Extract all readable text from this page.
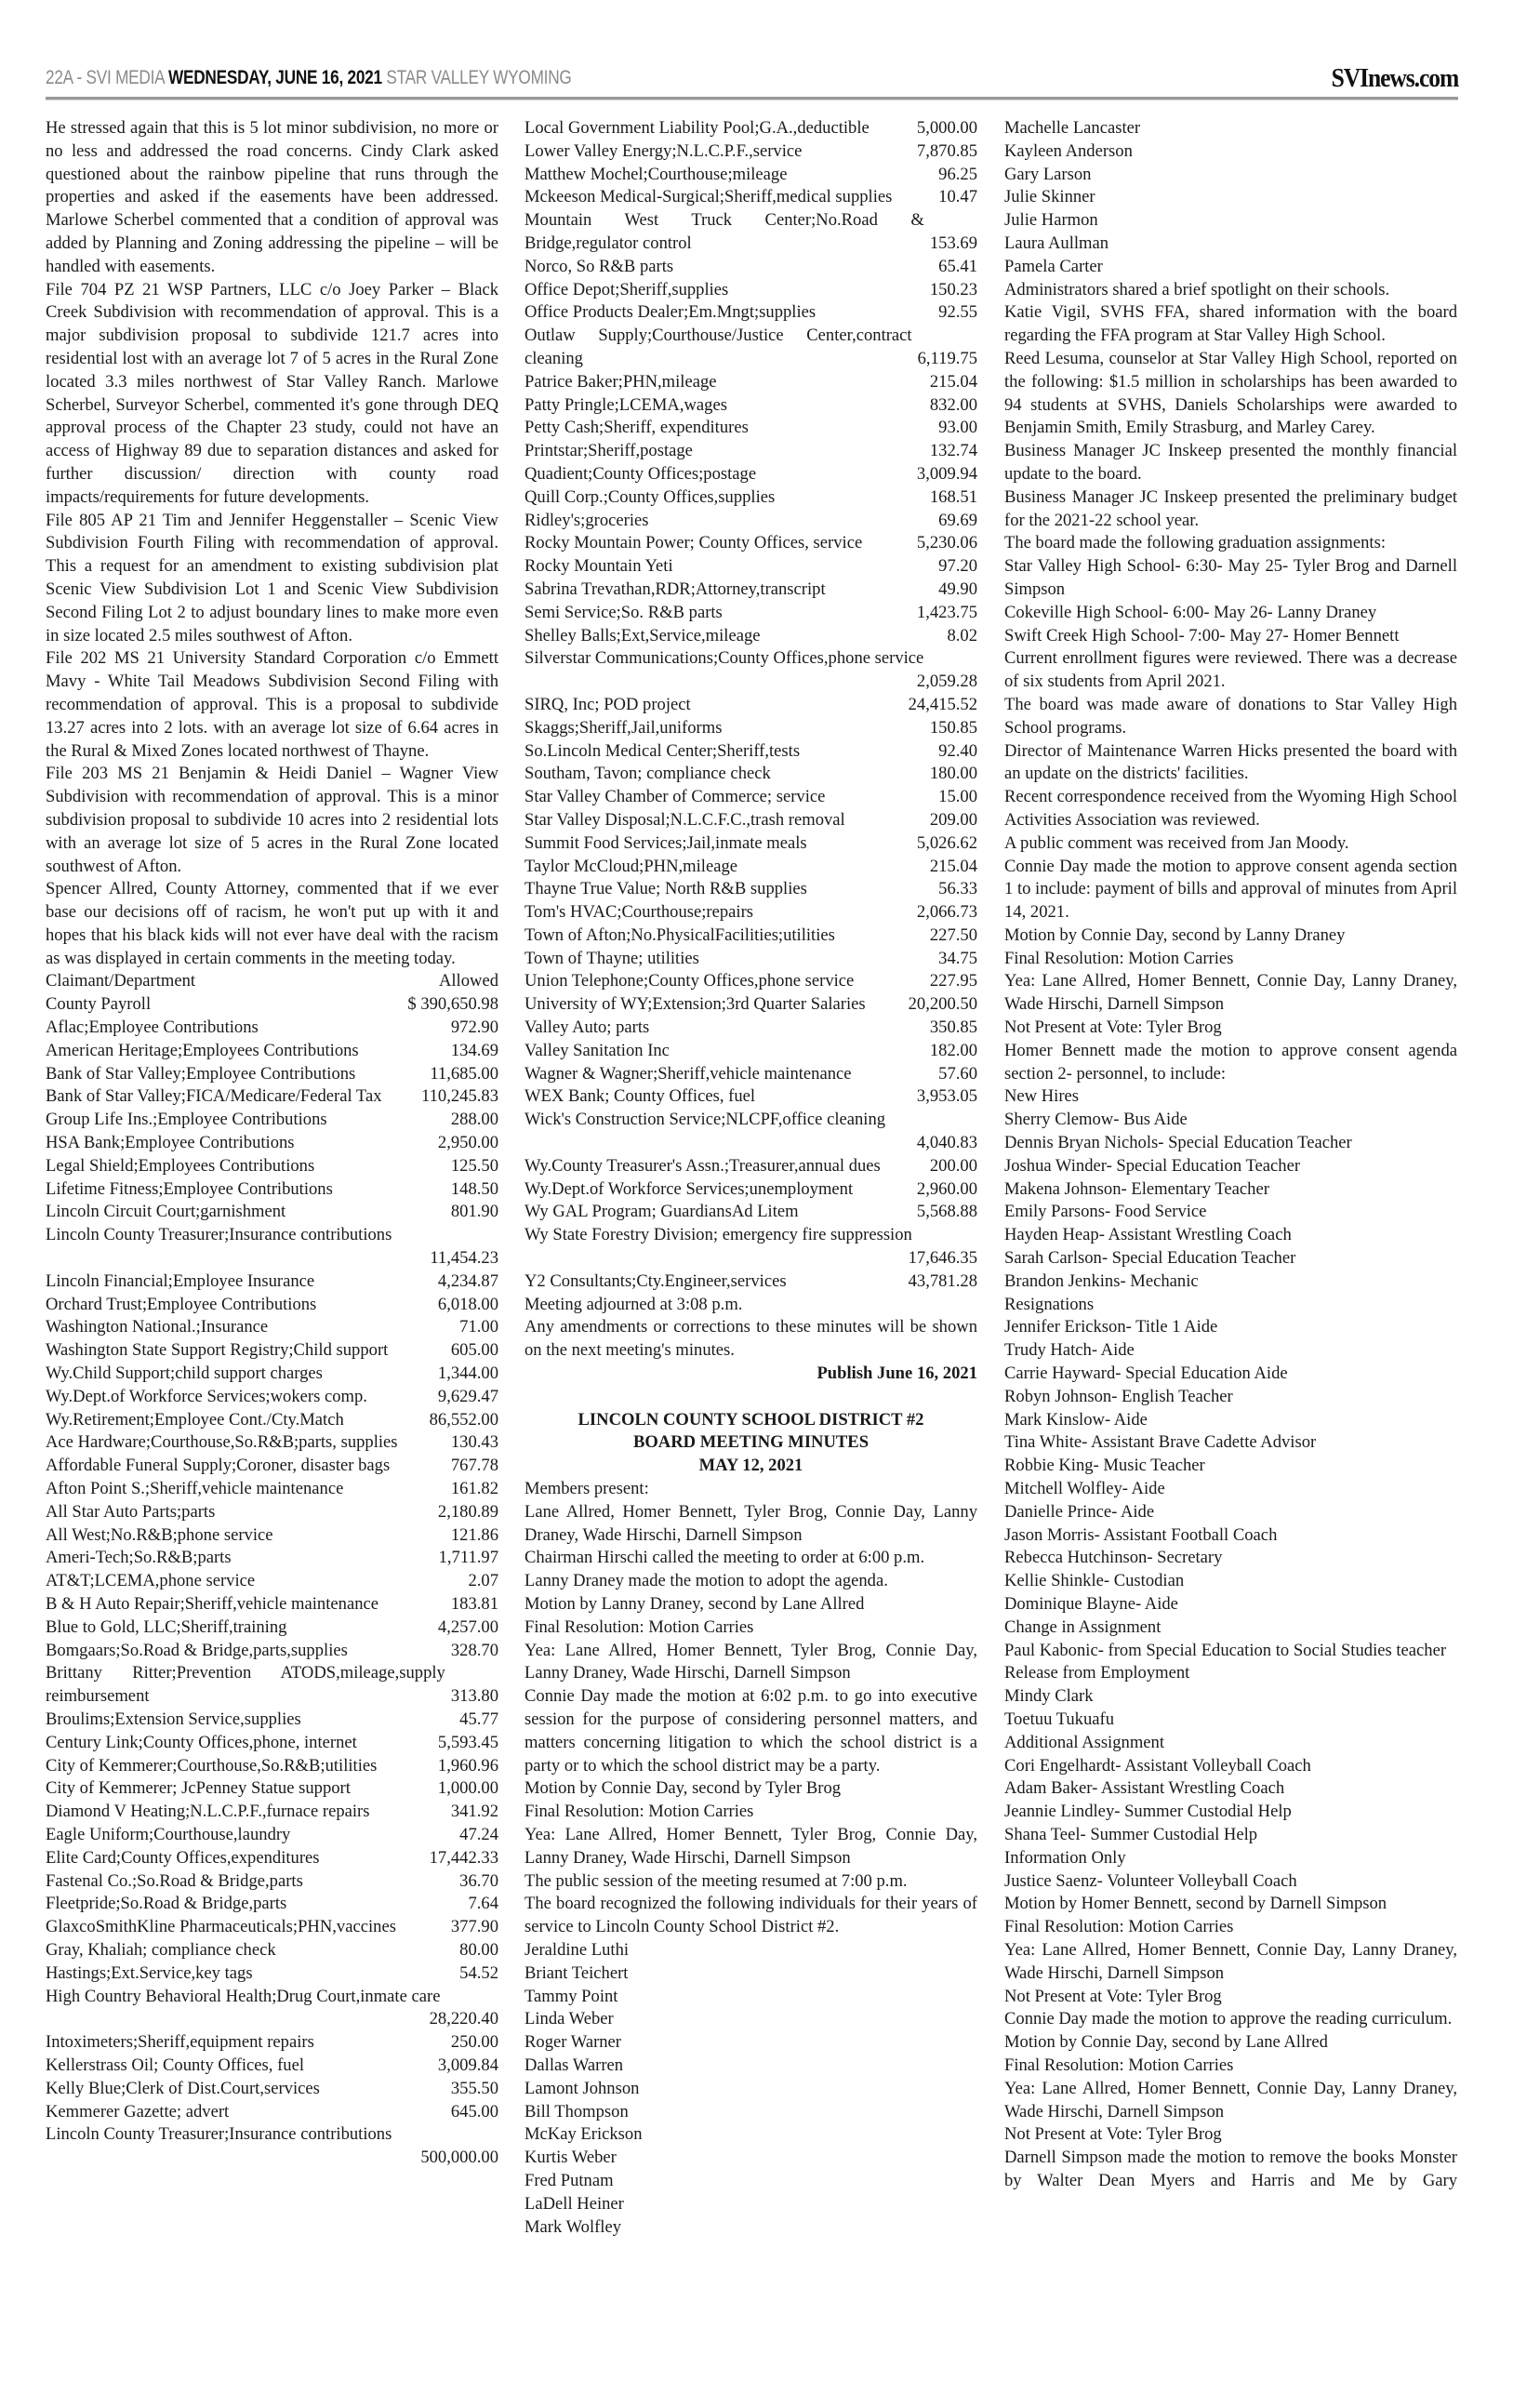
22A - SVI MEDIA WEDNESDAY, JUNE 16, 2021 STAR VALLEY WYOMING	SVInews.com
He stressed again that this is 5 lot minor subdivision, no more or no less and addressed the road concerns. Cindy Clark asked questioned about the rainbow pipeline that runs through the properties and asked if the easements have been addressed. Marlowe Scherbel commented that a condition of approval was added by Planning and Zoning addressing the pipeline – will be handled with easements.
File 704 PZ 21 WSP Partners, LLC c/o Joey Parker – Black Creek Subdivision with recommendation of approval. This is a major subdivision proposal to subdivide 121.7 acres into residential lost with an average lot 7 of 5 acres in the Rural Zone located 3.3 miles northwest of Star Valley Ranch. Marlowe Scherbel, Surveyor Scherbel, commented it's gone through DEQ approval process of the Chapter 23 study, could not have an access of Highway 89 due to separation distances and asked for further discussion/ direction with county road impacts/requirements for future developments.
File 805 AP 21 Tim and Jennifer Heggenstaller – Scenic View Subdivision Fourth Filing with recommendation of approval. This a request for an amendment to existing subdivision plat Scenic View Subdivision Lot 1 and Scenic View Subdivision Second Filing Lot 2 to adjust boundary lines to make more even in size located 2.5 miles southwest of Afton.
File 202 MS 21 University Standard Corporation c/o Emmett Mavy - White Tail Meadows Subdivision Second Filing with recommendation of approval. This is a proposal to subdivide 13.27 acres into 2 lots. with an average lot size of 6.64 acres in the Rural & Mixed Zones located northwest of Thayne.
File 203 MS 21 Benjamin & Heidi Daniel – Wagner View Subdivision with recommendation of approval. This is a minor subdivision proposal to subdivide 10 acres into 2 residential lots with an average lot size of 5 acres in the Rural Zone located southwest of Afton.
Spencer Allred, County Attorney, commented that if we ever base our decisions off of racism, he won't put up with it and hopes that his black kids will not ever have deal with the racism as was displayed in certain comments in the meeting today.
Claimant/Department	Allowed
County Payroll	$ 390,650.98
Aflac;Employee Contributions	972.90
American Heritage;Employees Contributions	134.69
Bank of Star Valley;Employee Contributions	11,685.00
Bank of Star Valley;FICA/Medicare/Federal Tax	110,245.83
Group Life Ins.;Employee Contributions	288.00
HSA Bank;Employee Contributions	2,950.00
Legal Shield;Employees Contributions	125.50
Lifetime Fitness;Employee Contributions	148.50
Lincoln Circuit Court;garnishment	801.90
Lincoln County Treasurer;Insurance contributions
11,454.23
Lincoln Financial;Employee Insurance	4,234.87
Orchard Trust;Employee Contributions	6,018.00
Washington National.;Insurance	71.00
Washington State Support Registry;Child support	605.00
Wy.Child Support;child support charges	1,344.00
Wy.Dept.of Workforce Services;wokers comp.	9,629.47
Wy.Retirement;Employee Cont./Cty.Match	86,552.00
Ace Hardware;Courthouse,So.R&B;parts, supplies	130.43
Affordable Funeral Supply;Coroner, disaster bags	767.78
Afton Point S.;Sheriff,vehicle maintenance	161.82
All Star Auto Parts;parts	2,180.89
All West;No.R&B;phone service	121.86
Ameri-Tech;So.R&B;parts	1,711.97
AT&T;LCEMA,phone service	2.07
B & H Auto Repair;Sheriff,vehicle maintenance	183.81
Blue to Gold, LLC;Sheriff,training	4,257.00
Bomgaars;So.Road & Bridge,parts,supplies	328.70
Brittany Ritter;Prevention ATODS,mileage,supply reimbursement	313.80
Broulims;Extension Service,supplies	45.77
Century Link;County Offices,phone, internet	5,593.45
City of Kemmerer;Courthouse,So.R&B;utilities	1,960.96
City of Kemmerer; JcPenney Statue support	1,000.00
Diamond V Heating;N.L.C.P.F.,furnace repairs	341.92
Eagle Uniform;Courthouse,laundry	47.24
Elite Card;County Offices,expenditures	17,442.33
Fastenal Co.;So.Road & Bridge,parts	36.70
Fleetpride;So.Road & Bridge,parts	7.64
GlaxcoSmithKline Pharmaceuticals;PHN,vaccines	377.90
Gray, Khaliah; compliance check	80.00
Hastings;Ext.Service,key tags	54.52
High Country Behavioral Health;Drug Court,inmate care
28,220.40
Intoximeters;Sheriff,equipment repairs	250.00
Kellerstrass Oil; County Offices, fuel	3,009.84
Kelly Blue;Clerk of Dist.Court,services	355.50
Kemmerer Gazette; advert	645.00
Lincoln County Treasurer;Insurance contributions
500,000.00
Local Government Liability Pool;G.A.,deductible	5,000.00
Lower Valley Energy;N.L.C.P.F.,service	7,870.85
Matthew Mochel;Courthouse;mileage	96.25
Mckeeson Medical-Surgical;Sheriff,medical supplies	10.47
Mountain West Truck Center;No.Road & Bridge,regulator control	153.69
Norco, So R&B parts	65.41
Office Depot;Sheriff,supplies	150.23
Office Products Dealer;Em.Mngt;supplies	92.55
Outlaw Supply;Courthouse/Justice Center,contract cleaning	6,119.75
Patrice Baker;PHN,mileage	215.04
Patty Pringle;LCEMA,wages	832.00
Petty Cash;Sheriff, expenditures	93.00
Printstar;Sheriff,postage	132.74
Quadient;County Offices;postage	3,009.94
Quill Corp.;County Offices,supplies	168.51
Ridley's;groceries	69.69
Rocky Mountain Power; County Offices, service	5,230.06
Rocky Mountain Yeti	97.20
Sabrina Trevathan,RDR;Attorney,transcript	49.90
Semi Service;So. R&B parts	1,423.75
Shelley Balls;Ext,Service,mileage	8.02
Silverstar Communications;County Offices,phone service
2,059.28
SIRQ, Inc; POD project	24,415.52
Skaggs;Sheriff,Jail,uniforms	150.85
So.Lincoln Medical Center;Sheriff,tests	92.40
Southam, Tavon; compliance check	180.00
Star Valley Chamber of Commerce; service	15.00
Star Valley Disposal;N.L.C.F.C.,trash removal	209.00
Summit Food Services;Jail,inmate meals	5,026.62
Taylor McCloud;PHN,mileage	215.04
Thayne True Value; North R&B supplies	56.33
Tom's HVAC;Courthouse;repairs	2,066.73
Town of Afton;No.PhysicalFacilities;utilities	227.50
Town of Thayne; utilities	34.75
Union Telephone;County Offices,phone service	227.95
University of WY;Extension;3rd Quarter Salaries	20,200.50
Valley Auto; parts	350.85
Valley Sanitation Inc	182.00
Wagner & Wagner;Sheriff,vehicle maintenance	57.60
WEX Bank; County Offices, fuel	3,953.05
Wick's Construction Service;NLCPF,office cleaning
4,040.83
Wy.County Treasurer's Assn.;Treasurer,annual dues	200.00
Wy.Dept.of Workforce Services;unemployment	2,960.00
Wy GAL Program; GuardiansAd Litem	5,568.88
Wy State Forestry Division; emergency fire suppression
17,646.35
Y2 Consultants;Cty.Engineer,services	43,781.28
Meeting adjourned at 3:08 p.m.
Any amendments or corrections to these minutes will be shown on the next meeting's minutes.
Publish June 16, 2021
LINCOLN COUNTY SCHOOL DISTRICT #2
BOARD MEETING MINUTES
MAY 12, 2021
Members present:
Lane Allred, Homer Bennett, Tyler Brog, Connie Day, Lanny Draney, Wade Hirschi, Darnell Simpson
Chairman Hirschi called the meeting to order at 6:00 p.m.
Lanny Draney made the motion to adopt the agenda.
Motion by Lanny Draney, second by Lane Allred
Final Resolution: Motion Carries
Yea: Lane Allred, Homer Bennett, Tyler Brog, Connie Day, Lanny Draney, Wade Hirschi, Darnell Simpson
Connie Day made the motion at 6:02 p.m. to go into executive session for the purpose of considering personnel matters, and matters concerning litigation to which the school district is a party or to which the school district may be a party.
Motion by Connie Day, second by Tyler Brog
Final Resolution: Motion Carries
Yea: Lane Allred, Homer Bennett, Tyler Brog, Connie Day, Lanny Draney, Wade Hirschi, Darnell Simpson
The public session of the meeting resumed at 7:00 p.m.
The board recognized the following individuals for their years of service to Lincoln County School District #2.
Jeraldine Luthi
Briant Teichert
Tammy Point
Linda Weber
Roger Warner
Dallas Warren
Lamont Johnson
Bill Thompson
McKay Erickson
Kurtis Weber
Fred Putnam
LaDell Heiner
Mark Wolfley
Machelle Lancaster
Kayleen Anderson
Gary Larson
Julie Skinner
Julie Harmon
Laura Aullman
Pamela Carter
Administrators shared a brief spotlight on their schools.
Katie Vigil, SVHS FFA, shared information with the board regarding the FFA program at Star Valley High School.
Reed Lesuma, counselor at Star Valley High School, reported on the following: $1.5 million in scholarships has been awarded to 94 students at SVHS, Daniels Scholarships were awarded to Benjamin Smith, Emily Strasburg, and Marley Carey.
Business Manager JC Inskeep presented the monthly financial update to the board.
Business Manager JC Inskeep presented the preliminary budget for the 2021-22 school year.
The board made the following graduation assignments:
Star Valley High School- 6:30- May 25- Tyler Brog and Darnell Simpson
Cokeville High School- 6:00- May 26- Lanny Draney
Swift Creek High School- 7:00- May 27- Homer Bennett
Current enrollment figures were reviewed. There was a decrease of six students from April 2021.
The board was made aware of donations to Star Valley High School programs.
Director of Maintenance Warren Hicks presented the board with an update on the districts' facilities.
Recent correspondence received from the Wyoming High School Activities Association was reviewed.
A public comment was received from Jan Moody.
Connie Day made the motion to approve consent agenda section 1 to include: payment of bills and approval of minutes from April 14, 2021.
Motion by Connie Day, second by Lanny Draney
Final Resolution: Motion Carries
Yea: Lane Allred, Homer Bennett, Connie Day, Lanny Draney, Wade Hirschi, Darnell Simpson
Not Present at Vote: Tyler Brog
Homer Bennett made the motion to approve consent agenda section 2- personnel, to include:
New Hires
Sherry Clemow- Bus Aide
Dennis Bryan Nichols- Special Education Teacher
Joshua Winder- Special Education Teacher
Makena Johnson- Elementary Teacher
Emily Parsons- Food Service
Hayden Heap- Assistant Wrestling Coach
Sarah Carlson- Special Education Teacher
Brandon Jenkins- Mechanic
Resignations
Jennifer Erickson- Title 1 Aide
Trudy Hatch- Aide
Carrie Hayward- Special Education Aide
Robyn Johnson- English Teacher
Mark Kinslow- Aide
Tina White- Assistant Brave Cadette Advisor
Robbie King- Music Teacher
Mitchell Wolfley- Aide
Danielle Prince- Aide
Jason Morris- Assistant Football Coach
Rebecca Hutchinson- Secretary
Kellie Shinkle- Custodian
Dominique Blayne- Aide
Change in Assignment
Paul Kabonic- from Special Education to Social Studies teacher
Release from Employment
Mindy Clark
Toetuu Tukuafu
Additional Assignment
Cori Engelhardt- Assistant Volleyball Coach
Adam Baker- Assistant Wrestling Coach
Jeannie Lindley- Summer Custodial Help
Shana Teel- Summer Custodial Help
Information Only
Justice Saenz- Volunteer Volleyball Coach
Motion by Homer Bennett, second by Darnell Simpson
Final Resolution: Motion Carries
Yea: Lane Allred, Homer Bennett, Connie Day, Lanny Draney, Wade Hirschi, Darnell Simpson
Not Present at Vote: Tyler Brog
Connie Day made the motion to approve the reading curriculum.
Motion by Connie Day, second by Lane Allred
Final Resolution: Motion Carries
Yea: Lane Allred, Homer Bennett, Connie Day, Lanny Draney, Wade Hirschi, Darnell Simpson
Not Present at Vote: Tyler Brog
Darnell Simpson made the motion to remove the books Monster by Walter Dean Myers and Harris and Me by Gary
